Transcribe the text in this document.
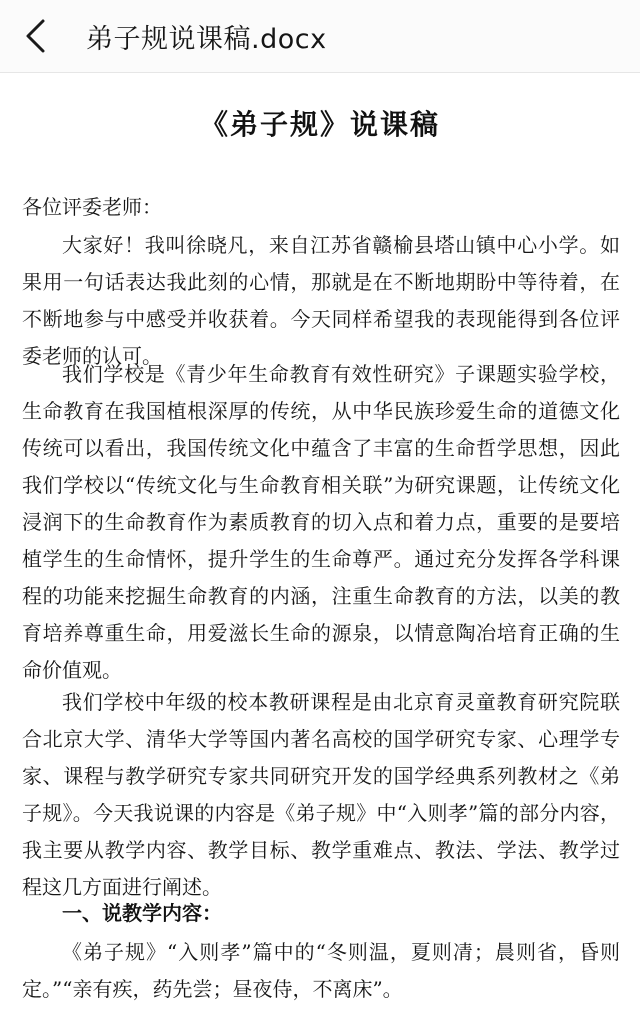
弟子规说课稿.docx
《弟子规》说课稿

各位评委老师：

大家好！我叫徐晓凡，来自江苏省赣榆县塔山镇中心小学。如果用一句话表达我此刻的心情，那就是在不断地期盼中等待着，在不断地参与中感受并收获着。今天同样希望我的表现能得到各位评委老师的认可。

我们学校是《青少年生命教育有效性研究》子课题实验学校，生命教育在我国植根深厚的传统，从中华民族珍爱生命的道德文化传统可以看出，我国传统文化中蕴含了丰富的生命哲学思想，因此我们学校以“传统文化与生命教育相关联”为研究课题，让传统文化浸润下的生命教育作为素质教育的切入点和着力点，重要的是要培植学生的生命情怀，提升学生的生命尊严。通过充分发挥各学科课程的功能来挖掘生命教育的内涵，注重生命教育的方法，以美的教育培养尊重生命，用爱滋长生命的源泉，以情意陶冶培育正确的生命价值观。

我们学校中年级的校本教研课程是由北京育灵童教育研究院联合北京大学、清华大学等国内著名高校的国学研究专家、心理学专家、课程与教学研究专家共同研究开发的国学经典系列教材之《弟子规》。今天我说课的内容是《弟子规》中“入则孝”篇的部分内容，我主要从教学内容、教学目标、教学重难点、教法、学法、教学过程这几方面进行阐述。

一、说教学内容：

《弟子规》“入则孝”篇中的“冬则温，夏则凊；晨则省，昏则定。”“亲有疾，药先尝；昼夜侍，不离床”。
